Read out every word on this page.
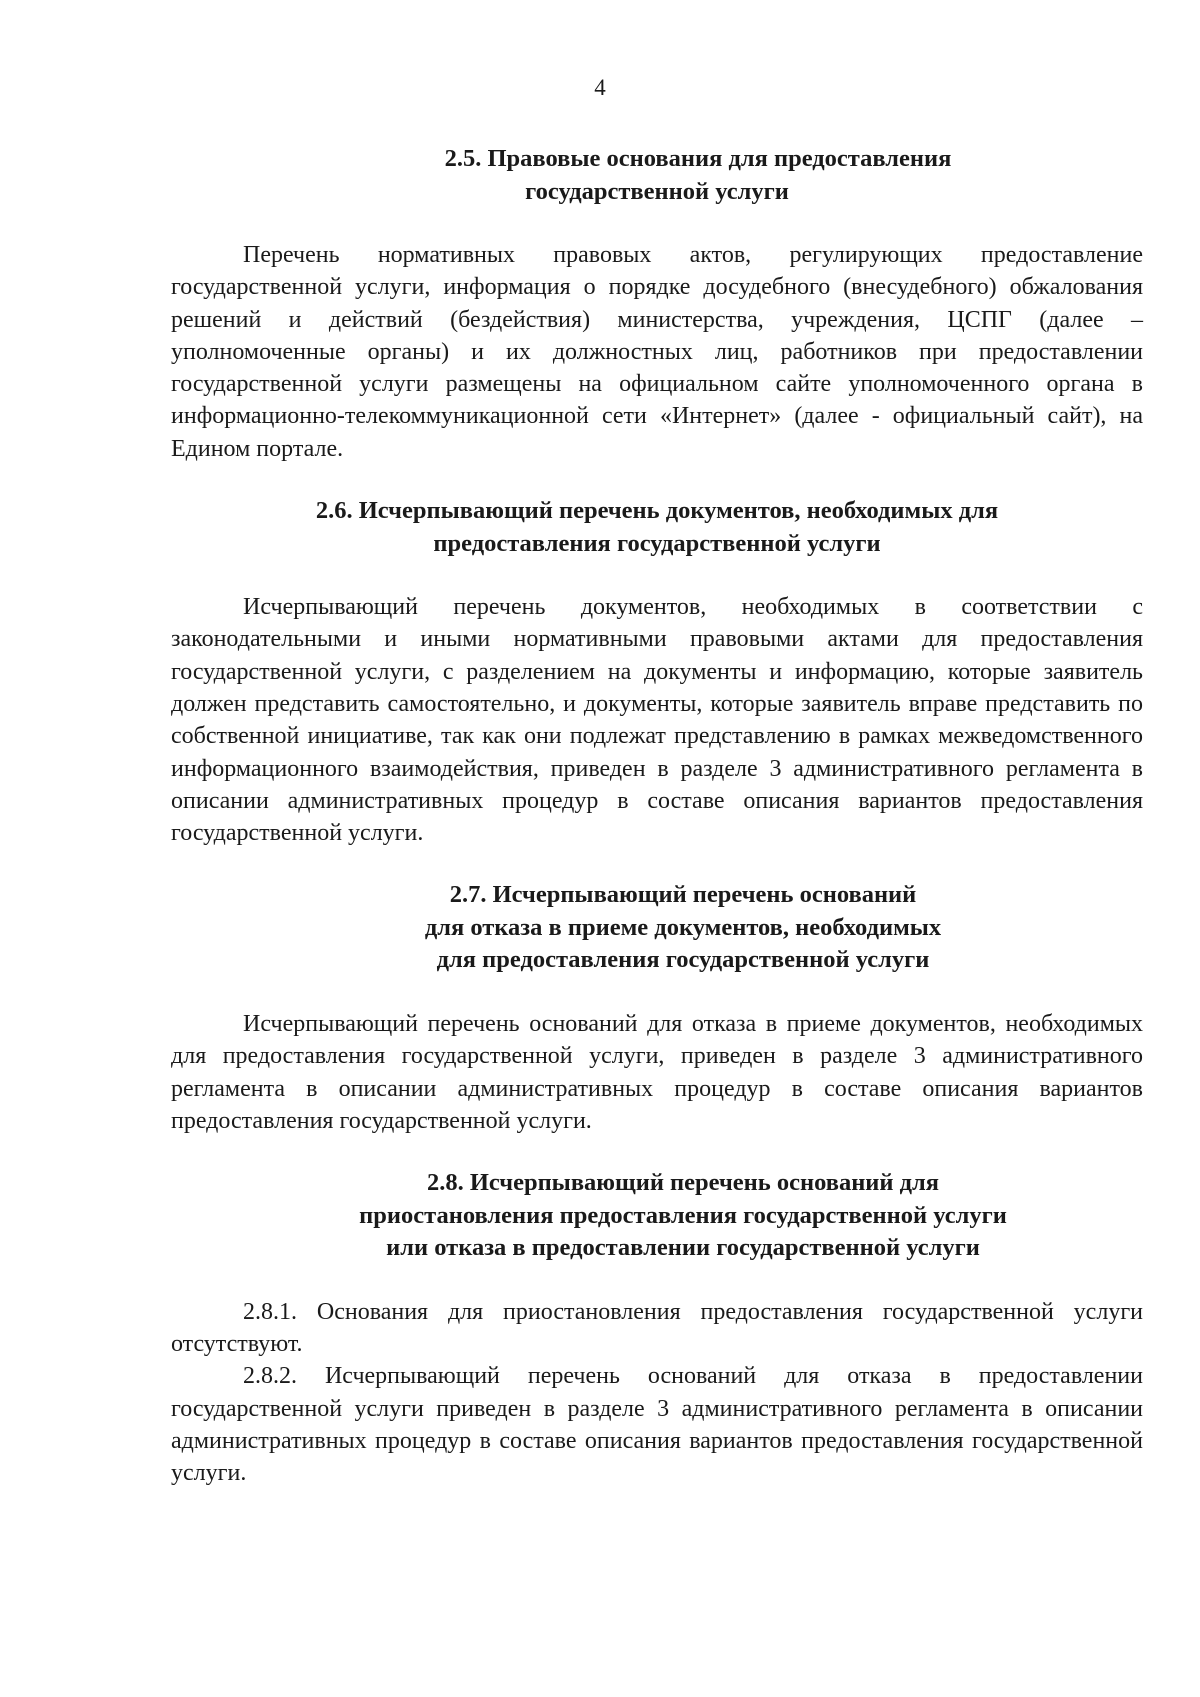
4
2.5. Правовые основания для предоставления
государственной услуги

Перечень нормативных правовых актов, регулирующих предоставление государственной услуги, информация о порядке досудебного (внесудебного) обжалования решений и действий (бездействия) министерства, учреждения, ЦСПГ (далее – уполномоченные органы) и их должностных лиц, работников при предоставлении государственной услуги размещены на официальном сайте уполномоченного органа в информационно-телекоммуникационной сети «Интернет» (далее - официальный сайт), на Едином портале.

2.6. Исчерпывающий перечень документов, необходимых для
предоставления государственной услуги

Исчерпывающий перечень документов, необходимых в соответствии с законодательными и иными нормативными правовыми актами для предоставления государственной услуги, с разделением на документы и информацию, которые заявитель должен представить самостоятельно, и документы, которые заявитель вправе представить по собственной инициативе, так как они подлежат представлению в рамках межведомственного информационного взаимодействия, приведен в разделе 3 административного регламента в описании административных процедур в составе описания вариантов предоставления государственной услуги.

2.7. Исчерпывающий перечень оснований
для отказа в приеме документов, необходимых
для предоставления государственной услуги

Исчерпывающий перечень оснований для отказа в приеме документов, необходимых для предоставления государственной услуги, приведен в разделе 3 административного регламента в описании административных процедур в составе описания вариантов предоставления государственной услуги.

2.8. Исчерпывающий перечень оснований для
приостановления предоставления государственной услуги
или отказа в предоставлении государственной услуги

2.8.1. Основания для приостановления предоставления государственной услуги отсутствуют.

2.8.2. Исчерпывающий перечень оснований для отказа в предоставлении государственной услуги приведен в разделе 3 административного регламента в описании административных процедур в составе описания вариантов предоставления государственной услуги.
